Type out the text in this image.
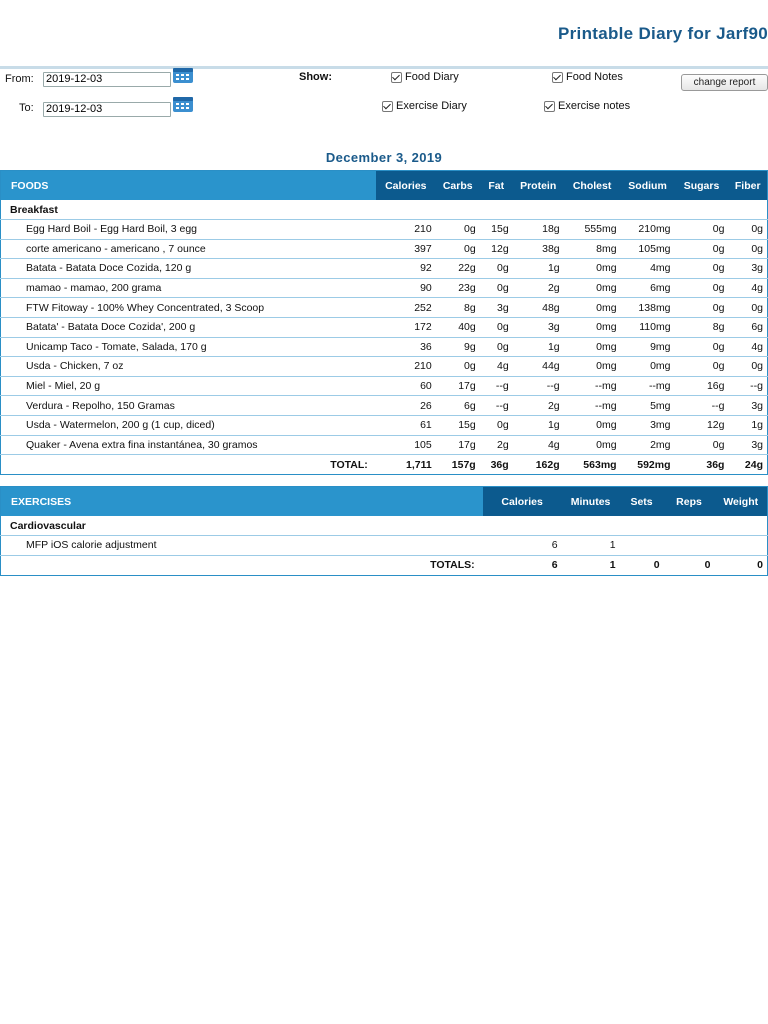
Printable Diary for Jarf90
From:
2019-12-03
To:
2019-12-03
Show:	Food Diary	Food Notes
Exercise Diary	Exercise notes
change report
December 3, 2019
FOODS	Calories	Carbs	Fat	Protein	Cholest	Sodium	Sugars	Fiber
Breakfast								
Egg Hard Boil - Egg Hard Boil, 3 egg	210	0g	15g	18g	555mg	210mg	0g	0g
corte americano - americano , 7 ounce	397	0g	12g	38g	8mg	105mg	0g	0g
Batata - Batata Doce Cozida, 120 g	92	22g	0g	1g	0mg	4mg	0g	3g
mamao - mamao, 200 grama	90	23g	0g	2g	0mg	6mg	0g	4g
FTW Fitoway - 100% Whey Concentrated, 3 Scoop	252	8g	3g	48g	0mg	138mg	0g	0g
Batata' - Batata Doce Cozida', 200 g	172	40g	0g	3g	0mg	110mg	8g	6g
Unicamp Taco - Tomate, Salada, 170 g	36	9g	0g	1g	0mg	9mg	0g	4g
Usda - Chicken, 7 oz	210	0g	4g	44g	0mg	0mg	0g	0g
Miel - Miel, 20 g	60	17g	--g	--g	--mg	--mg	16g	--g
Verdura - Repolho, 150 Gramas	26	6g	--g	2g	--mg	5mg	--g	3g
Usda - Watermelon, 200 g (1 cup, diced)	61	15g	0g	1g	0mg	3mg	12g	1g
Quaker - Avena extra fina instantánea, 30 gramos	105	17g	2g	4g	0mg	2mg	0g	3g
TOTAL:	1,711	157g	36g	162g	563mg	592mg	36g	24g
EXERCISES	Calories	Minutes	Sets	Reps	Weight
Cardiovascular					
MFP iOS calorie adjustment	6	1			
TOTALS:	6	1	0	0	0
